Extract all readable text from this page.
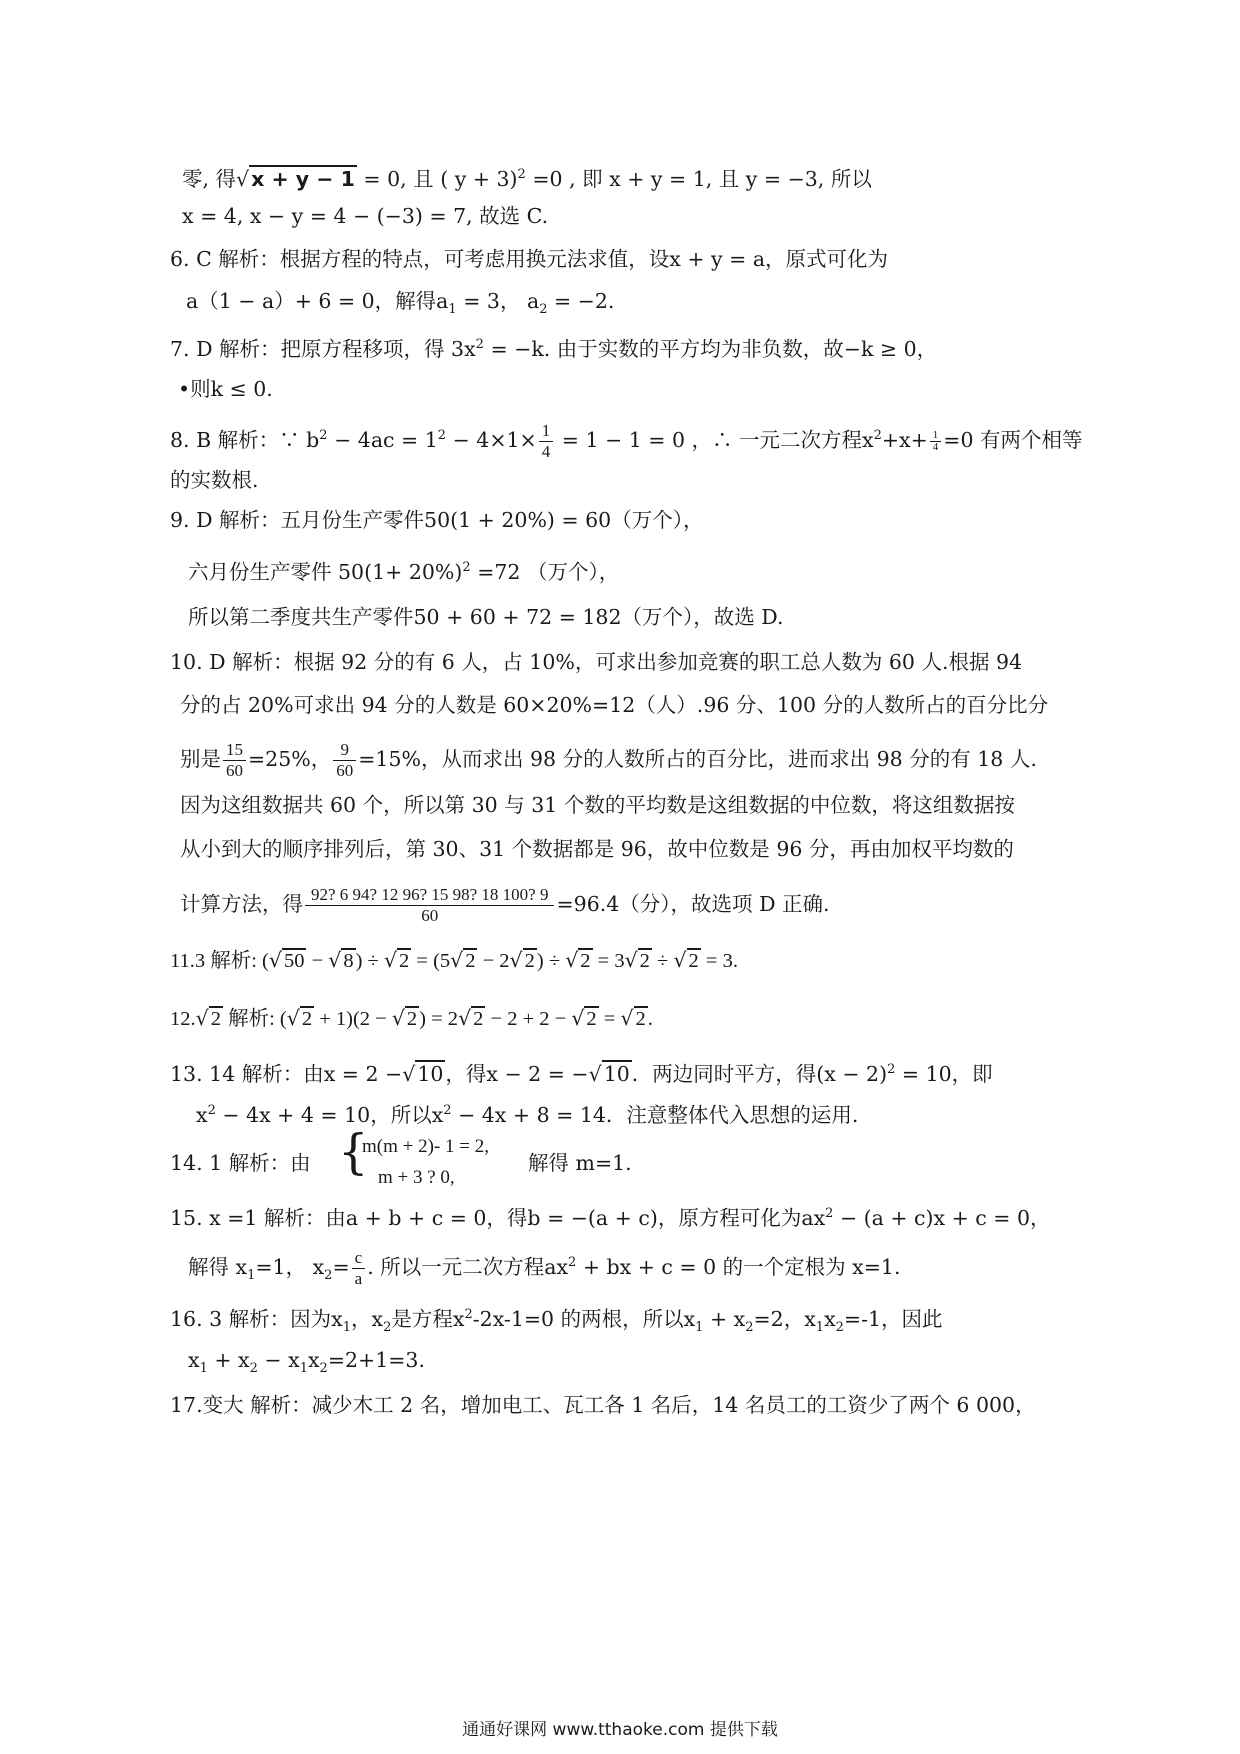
零, 得√x + y − 1 = 0, 且 ( y + 3)$^2$ =0 , 即 x + y = 1, 且 y = −3, 所以
x = 4, x − y = 4 − (−3) = 7, 故选 C.
6. C 解析：根据方程的特点，可考虑用换元法求值，设x + y = a，原式可化为
a（1 − a）+ 6 = 0，解得$a_1 = 3$， $a_2 = -2$.
7. D 解析：把原方程移项，得 $3x^2 = -k$. 由于实数的平方均为非负数，故−k ≥ 0，
•则k ≤ 0.
8. B 解析：∵ $b^2 - 4ac = 1^2 - 4\times 1\times \frac{1}{4} = 1 - 1 = 0$ ，∴ 一元二次方程$x^2+x+ \frac{1}{4} =0$ 有两个相等
的实数根.
9. D 解析：五月份生产零件50(1 + 20%) = 60（万个），
六月份生产零件 $50(1+ 20\%)^2 =72$ （万个），
所以第二季度共生产零件50 + 60 + 72 = 182（万个），故选 D.
10. D 解析：根据 92 分的有 6 人，占 10%，可求出参加竞赛的职工总人数为 60 人.根据 94
分的占 20%可求出 94 分的人数是 60×20%=12（人）.96 分、100 分的人数所占的百分比分
别是 $\frac{15}{60} =25\%$， $\frac{9}{60} =15\%$，从而求出 98 分的人数所占的百分比，进而求出 98 分的有 18 人.
因为这组数据共 60 个，所以第 30 与 31 个数的平均数是这组数据的中位数，将这组数据按
从小到大的顺序排列后，第 30、31 个数据都是 96，故中位数是 96 分，再由加权平均数的
计算方法，得 $\frac{92? 6 94? 12 96? 15 98? 18 100? 9}{60} =96.4$（分），故选项 D 正确.
11.3 解析: (√50 − √8) ÷ √2 = (5√2 − 2√2) ÷ √2 = 3√2 ÷ √2 = 3.
12.√2 解析: (√2 + 1)(2 − √2) = 2√2 − 2 + 2 − √2 = √2.
13. 14 解析：由x = 2 −√10，得x − 2 = −√10．两边同时平方，得$(x - 2)^2 = 10$，即
$x^2 - 4x + 4 = 10$，所以$x^2 - 4x + 8 = 14$．注意整体代入思想的运用.
14. 1 解析：由 {
m(m + 2)- 1 = 2,
m + 3 ? 0,
解得 m=1.
15. x =1 解析：由a + b + c = 0，得b = −(a + c)，原方程可化为$ax^2 - (a + c)x + c = 0$，
解得 $x_1=1$， $x_2= \frac{c}{a}$ . 所以一元二次方程$ax^2$ + bx + c = 0 的一个定根为 x=1.
16. 3 解析：因为$x_1$，$x_2$是方程$x^2-2x-1=0$ 的两根，所以$x_1 + x_2=2$，$x_1x_2=-1$，因此
$x_1 + x_2 - x_1x_2=2+1=3$.
17.变大 解析：减少木工 2 名，增加电工、瓦工各 1 名后，14 名员工的工资少了两个 6 000，
通通好课网 www.tthaoke.com 提供下载
